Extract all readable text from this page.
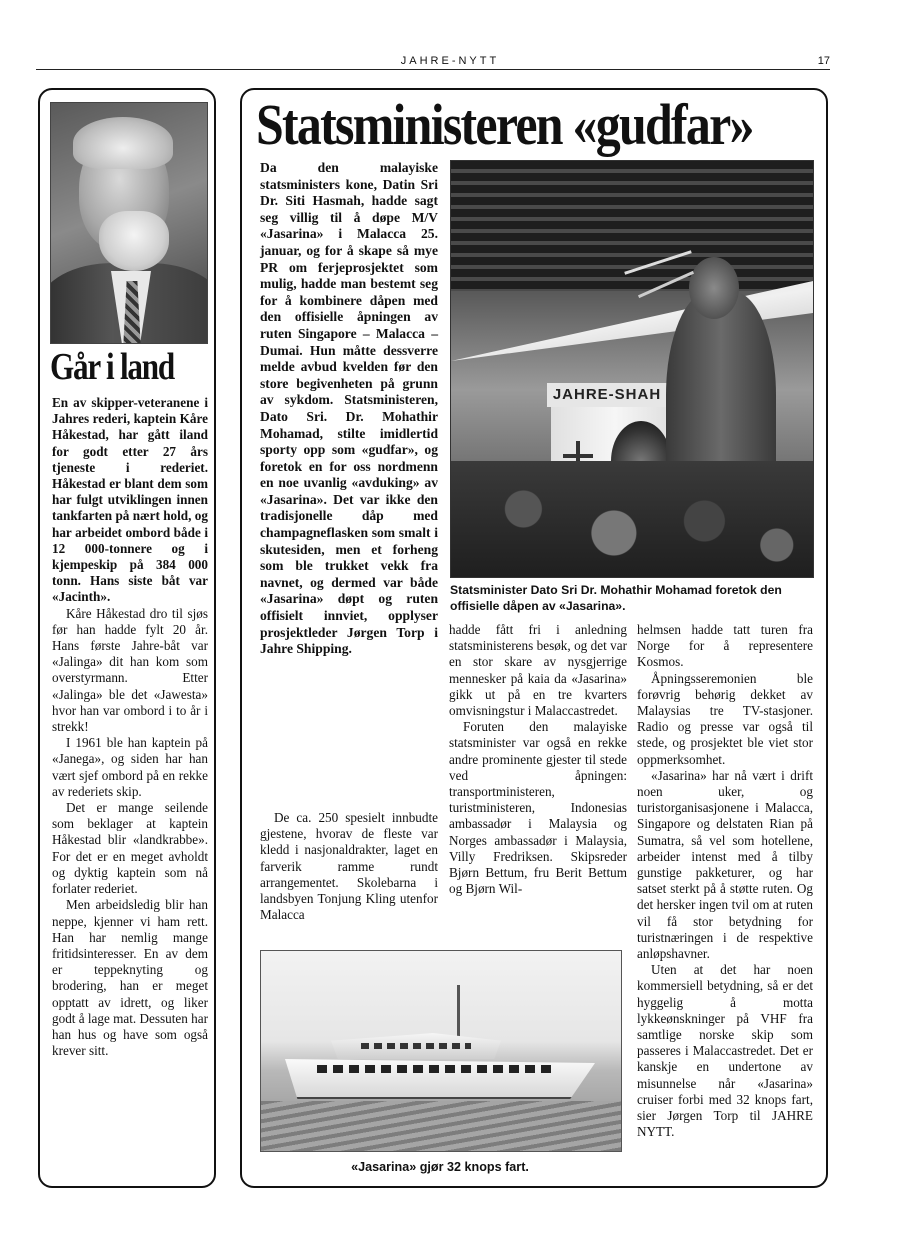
JAHRE-NYTT	17
Går i land

En av skipper-veteranene i Jahres rederi, kaptein Kåre Håkestad, har gått iland for godt etter 27 års tjeneste i rederiet. Håkestad er blant dem som har fulgt utviklingen innen tankfarten på nært hold, og har arbeidet ombord både i 12 000-tonnere og i kjempeskip på 384 000 tonn. Hans siste båt var «Jacinth».

Kåre Håkestad dro til sjøs før han hadde fylt 20 år. Hans første Jahre-båt var «Jalinga» dit han kom som overstyrmann. Etter «Jalinga» ble det «Jawesta» hvor han var ombord i to år i strekk!

I 1961 ble han kaptein på «Janega», og siden har han vært sjef ombord på en rekke av rederiets skip.

Det er mange seilende som beklager at kaptein Håkestad blir «landkrabbe». For det er en meget avholdt og dyktig kaptein som nå forlater rederiet.

Men arbeidsledig blir han neppe, kjenner vi ham rett. Han har nemlig mange fritidsinteresser. En av dem er teppeknyting og brodering, han er meget opptatt av idrett, og liker godt å lage mat. Dessuten har han hus og have som også krever sitt.

Statsministeren «gudfar»

Da den malayiske statsministers kone, Datin Sri Dr. Siti Hasmah, hadde sagt seg villig til å døpe M/V «Jasarina» i Malacca 25. januar, og for å skape så mye PR om ferjeprosjektet som mulig, hadde man bestemt seg for å kombinere dåpen med den offisielle åpningen av ruten Singapore – Malacca – Dumai. Hun måtte dessverre melde avbud kvelden før den store begivenheten på grunn av sykdom. Statsministeren, Dato Sri. Dr. Mohathir Mohamad, stilte imidlertid sporty opp som «gudfar», og foretok en for oss nordmenn en noe uvanlig «avduking» av «Jasarina». Det var ikke den tradisjonelle dåp med champagneflasken som smalt i skutesiden, men et forheng som ble trukket vekk fra navnet, og dermed var både «Jasarina» døpt og ruten offisielt innviet, opplyser prosjektleder Jørgen Torp i Jahre Shipping.

JAHRE-SHAH
Statsminister Dato Sri Dr. Mohathir Mohamad foretok den offisielle dåpen av «Jasarina».

De ca. 250 spesielt innbudte gjestene, hvorav de fleste var kledd i nasjonaldrakter, laget en farverik ramme rundt arrangementet. Skolebarna i landsbyen Tonjung Kling utenfor Malacca

hadde fått fri i anledning statsministerens besøk, og det var en stor skare av nysgjerrige mennesker på kaia da «Jasarina» gikk ut på en tre kvarters omvisningstur i Malaccastredet.

Foruten den malayiske statsminister var også en rekke andre prominente gjester til stede ved åpningen: transportministeren, turistministeren, Indonesias ambassadør i Malaysia og Norges ambassadør i Malaysia, Villy Fredriksen. Skipsreder Bjørn Bettum, fru Berit Bettum og Bjørn Wil-

helmsen hadde tatt turen fra Norge for å representere Kosmos.

Åpningsseremonien ble forøvrig behørig dekket av Malaysias tre TV-stasjoner. Radio og presse var også til stede, og prosjektet ble viet stor oppmerksomhet.

«Jasarina» har nå vært i drift noen uker, og turistorganisasjonene i Malacca, Singapore og delstaten Rian på Sumatra, så vel som hotellene, arbeider intenst med å tilby gunstige pakketurer, og har satset sterkt på å støtte ruten. Og det hersker ingen tvil om at ruten vil få stor betydning for turistnæringen i de respektive anløpshavner.

Uten at det har noen kommersiell betydning, så er det hyggelig å motta lykkeønskninger på VHF fra samtlige norske skip som passeres i Malaccastredet. Det er kanskje en undertone av misunnelse når «Jasarina» cruiser forbi med 32 knops fart, sier Jørgen Torp til JAHRE NYTT.

«Jasarina» gjør 32 knops fart.
